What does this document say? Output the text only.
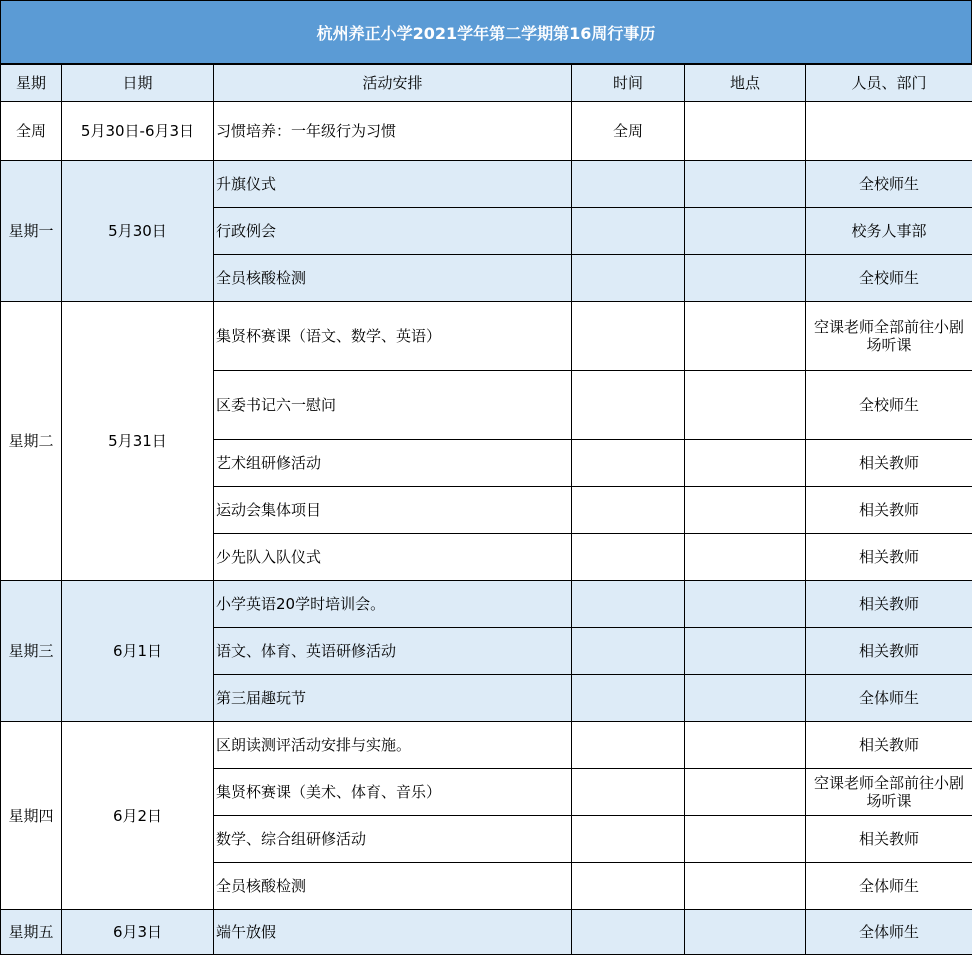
杭州养正小学2021学年第二学期第16周行事历
星期	日期	活动安排	时间	地点	人员、部门
全周	5月30日-6月3日	习惯培养：一年级行为习惯	全周		
星期一	5月30日	升旗仪式			全校师生
		行政例会			校务人事部
		全员核酸检测			全校师生
星期二	5月31日	集贤杯赛课（语文、数学、英语）			空课老师全部前往小剧场听课
		区委书记六一慰问			全校师生
		艺术组研修活动			相关教师
		运动会集体项目			相关教师
		少先队入队仪式			相关教师
星期三	6月1日	小学英语20学时培训会。			相关教师
		语文、体育、英语研修活动			相关教师
		第三届趣玩节			全体师生
星期四	6月2日	区朗读测评活动安排与实施。			相关教师
		集贤杯赛课（美术、体育、音乐）			空课老师全部前往小剧场听课
		数学、综合组研修活动			相关教师
		全员核酸检测			全体师生
星期五	6月3日	端午放假			全体师生
